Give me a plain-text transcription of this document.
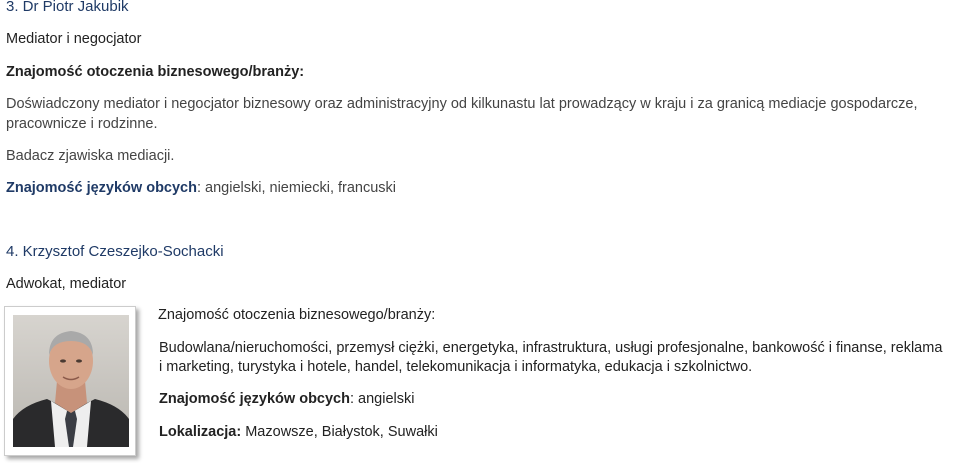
3. Dr Piotr Jakubik
Mediator i negocjator
Znajomość otoczenia biznesowego/branży:
Doświadczony mediator i negocjator biznesowy oraz administracyjny od kilkunastu lat prowadzący w kraju i za granicą mediacje gospodarcze,
pracownicze i rodzinne.
Badacz zjawiska mediacji.
Znajomość języków obcych: angielski, niemiecki, francuski
4. Krzysztof Czeszejko-Sochacki
Adwokat, mediator
Znajomość otoczenia biznesowego/branży:
Budowlana/nieruchomości, przemysł ciężki, energetyka, infrastruktura, usługi profesjonalne, bankowość i finanse, reklama
i marketing, turystyka i hotele, handel, telekomunikacja i informatyka, edukacja i szkolnictwo.
Znajomość języków obcych: angielski
Lokalizacja: Mazowsze, Białystok, Suwałki
